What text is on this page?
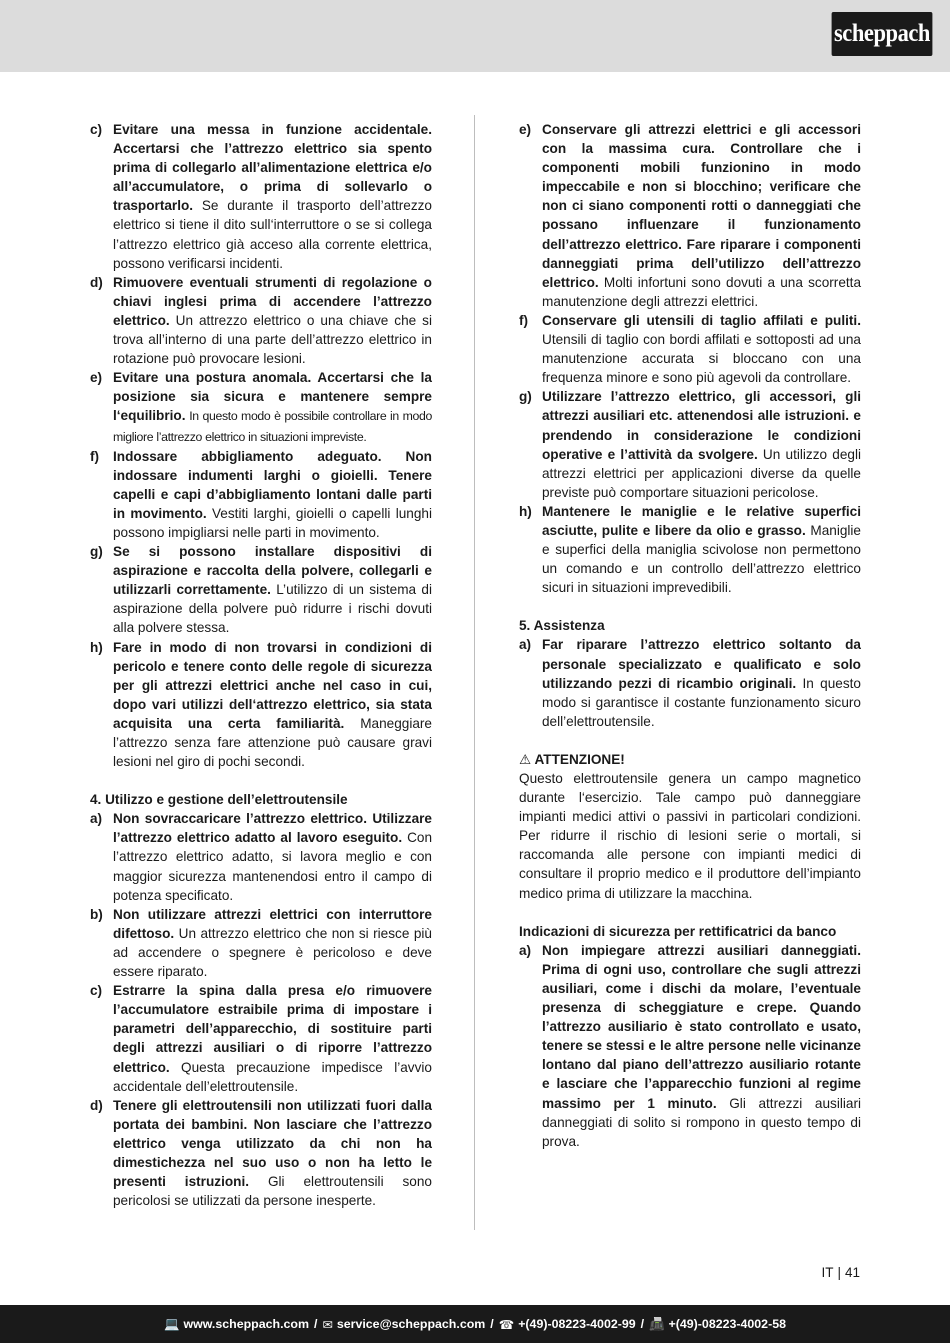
scheppach
c) Evitare una messa in funzione accidentale. Accertarsi che l’attrezzo elettrico sia spento prima di collegarlo all’alimentazione elettrica e/o all’accumulatore, o prima di sollevarlo o trasportarlo. Se durante il trasporto dell’attrezzo elettrico si tiene il dito sull‘interruttore o se si collega l’attrezzo elettrico già acceso alla corrente elettrica, possono verificarsi incidenti.
d) Rimuovere eventuali strumenti di regolazione o chiavi inglesi prima di accendere l’attrezzo elettrico. Un attrezzo elettrico o una chiave che si trova all’interno di una parte dell’attrezzo elettrico in rotazione può provocare lesioni.
e) Evitare una postura anomala. Accertarsi che la posizione sia sicura e mantenere sempre l‘equilibrio. In questo modo è possibile controllare in modo migliore l’attrezzo elettrico in situazioni impreviste.
f) Indossare abbigliamento adeguato. Non indossare indumenti larghi o gioielli. Tenere capelli e capi d’abbigliamento lontani dalle parti in movimento. Vestiti larghi, gioielli o capelli lunghi possono impigliarsi nelle parti in movimento.
g) Se si possono installare dispositivi di aspirazione e raccolta della polvere, collegarli e utilizzarli correttamente. L’utilizzo di un sistema di aspirazione della polvere può ridurre i rischi dovuti alla polvere stessa.
h) Fare in modo di non trovarsi in condizioni di pericolo e tenere conto delle regole di sicurezza per gli attrezzi elettrici anche nel caso in cui, dopo vari utilizzi dell‘attrezzo elettrico, sia stata acquisita una certa familiarità. Maneggiare l’attrezzo senza fare attenzione può causare gravi lesioni nel giro di pochi secondi.
4. Utilizzo e gestione dell’elettroutensile
a) Non sovraccaricare l’attrezzo elettrico. Utilizzare l’attrezzo elettrico adatto al lavoro eseguito. Con l’attrezzo elettrico adatto, si lavora meglio e con maggior sicurezza mantenendosi entro il campo di potenza specificato.
b) Non utilizzare attrezzi elettrici con interruttore difettoso. Un attrezzo elettrico che non si riesce più ad accendere o spegnere è pericoloso e deve essere riparato.
c) Estrarre la spina dalla presa e/o rimuovere l’accumulatore estraibile prima di impostare i parametri dell’apparecchio, di sostituire parti degli attrezzi ausiliari o di riporre l’attrezzo elettrico. Questa precauzione impedisce l’avvio accidentale dell’elettroutensile.
d) Tenere gli elettroutensili non utilizzati fuori dalla portata dei bambini. Non lasciare che l’attrezzo elettrico venga utilizzato da chi non ha dimestichezza nel suo uso o non ha letto le presenti istruzioni. Gli elettroutensili sono pericolosi se utilizzati da persone inesperte.
e) Conservare gli attrezzi elettrici e gli accessori con la massima cura. Controllare che i componenti mobili funzionino in modo impeccabile e non si blocchino; verificare che non ci siano componenti rotti o danneggiati che possano influenzare il funzionamento dell’attrezzo elettrico. Fare riparare i componenti danneggiati prima dell’utilizzo dell’attrezzo elettrico. Molti infortuni sono dovuti a una scorretta manutenzione degli attrezzi elettrici.
f) Conservare gli utensili di taglio affilati e puliti. Utensili di taglio con bordi affilati e sottoposti ad una manutenzione accurata si bloccano con una frequenza minore e sono più agevoli da controllare.
g) Utilizzare l’attrezzo elettrico, gli accessori, gli attrezzi ausiliari etc. attenendosi alle istruzioni. e prendendo in considerazione le condizioni operative e l’attività da svolgere. Un utilizzo degli attrezzi elettrici per applicazioni diverse da quelle previste può comportare situazioni pericolose.
h) Mantenere le maniglie e le relative superfici asciutte, pulite e libere da olio e grasso. Maniglie e superfici della maniglia scivolose non permettono un comando e un controllo dell’attrezzo elettrico sicuri in situazioni imprevedibili.
5. Assistenza
a) Far riparare l’attrezzo elettrico soltanto da personale specializzato e qualificato e solo utilizzando pezzi di ricambio originali. In questo modo si garantisce il costante funzionamento sicuro dell’elettroutensile.
⚠ ATTENZIONE!
Questo elettroutensile genera un campo magnetico durante l‘esercizio. Tale campo può danneggiare impianti medici attivi o passivi in particolari condizioni. Per ridurre il rischio di lesioni serie o mortali, si raccomanda alle persone con impianti medici di consultare il proprio medico e il produttore dell’impianto medico prima di utilizzare la macchina.
Indicazioni di sicurezza per rettificatrici da banco
a) Non impiegare attrezzi ausiliari danneggiati. Prima di ogni uso, controllare che sugli attrezzi ausiliari, come i dischi da molare, l’eventuale presenza di scheggiature e crepe. Quando l’attrezzo ausiliario è stato controllato e usato, tenere se stessi e le altre persone nelle vicinanze lontano dal piano dell’attrezzo ausiliario rotante e lasciare che l’apparecchio funzioni al regime massimo per 1 minuto. Gli attrezzi ausiliari danneggiati di solito si rompono in questo tempo di prova.
IT | 41
💻 www.scheppach.com / ✉ service@scheppach.com / ☎ +(49)-08223-4002-99 / 📠 +(49)-08223-4002-58
